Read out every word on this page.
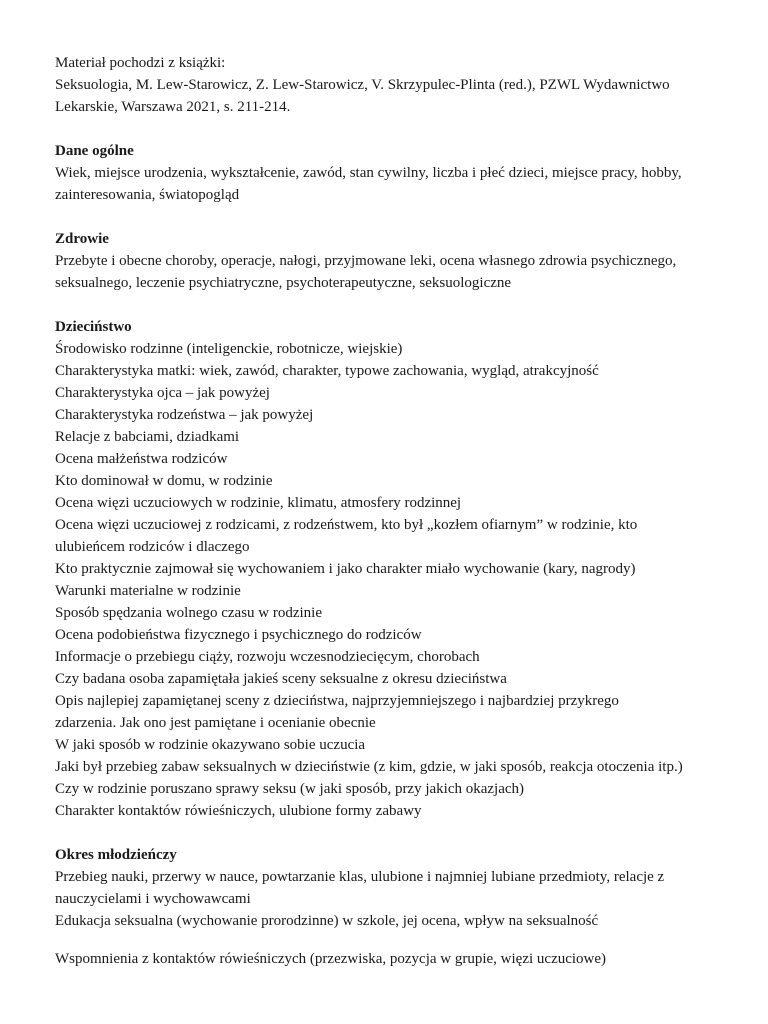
Materiał pochodzi z książki:
Seksuologia, M. Lew-Starowicz, Z. Lew-Starowicz, V. Skrzypulec-Plinta (red.), PZWL Wydawnictwo
Lekarskie, Warszawa 2021, s. 211-214.
Dane ogólne
Wiek, miejsce urodzenia, wykształcenie, zawód, stan cywilny, liczba i płeć dzieci, miejsce pracy, hobby,
zainteresowania, światopogląd
Zdrowie
Przebyte i obecne choroby, operacje, nałogi, przyjmowane leki, ocena własnego zdrowia psychicznego,
seksualnego, leczenie psychiatryczne, psychoterapeutyczne, seksuologiczne
Dzieciństwo
Środowisko rodzinne (inteligenckie, robotnicze, wiejskie)
Charakterystyka matki: wiek, zawód, charakter, typowe zachowania, wygląd, atrakcyjność
Charakterystyka ojca – jak powyżej
Charakterystyka rodzeństwa – jak powyżej
Relacje z babciami, dziadkami
Ocena małżeństwa rodziców
Kto dominował w domu, w rodzinie
Ocena więzi uczuciowych w rodzinie, klimatu, atmosfery rodzinnej
Ocena więzi uczuciowej z rodzicami, z rodzeństwem, kto był „kozłem ofiarnym” w rodzinie, kto
ulubieńcem rodziców i dlaczego
Kto praktycznie zajmował się wychowaniem i jako charakter miało wychowanie (kary, nagrody)
Warunki materialne w rodzinie
Sposób spędzania wolnego czasu w rodzinie
Ocena podobieństwa fizycznego i psychicznego do rodziców
Informacje o przebiegu ciąży, rozwoju wczesnodziecięcym, chorobach
Czy badana osoba zapamiętała jakieś sceny seksualne z okresu dzieciństwa
Opis najlepiej zapamiętanej sceny z dzieciństwa, najprzyjemniejszego i najbardziej przykrego
zdarzenia. Jak ono jest pamiętane i ocenianie obecnie
W jaki sposób w rodzinie okazywano sobie uczucia
Jaki był przebieg zabaw seksualnych w dzieciństwie (z kim, gdzie, w jaki sposób, reakcja otoczenia itp.)
Czy w rodzinie poruszano sprawy seksu (w jaki sposób, przy jakich okazjach)
Charakter kontaktów rówieśniczych, ulubione formy zabawy
Okres młodzieńczy
Przebieg nauki, przerwy w nauce, powtarzanie klas, ulubione i najmniej lubiane przedmioty, relacje z
nauczycielami i wychowawcami
Edukacja seksualna (wychowanie prorodzinne) w szkole, jej ocena, wpływ na seksualność
Wspomnienia z kontaktów rówieśniczych (przezwiska, pozycja w grupie, więzi uczuciowe)
